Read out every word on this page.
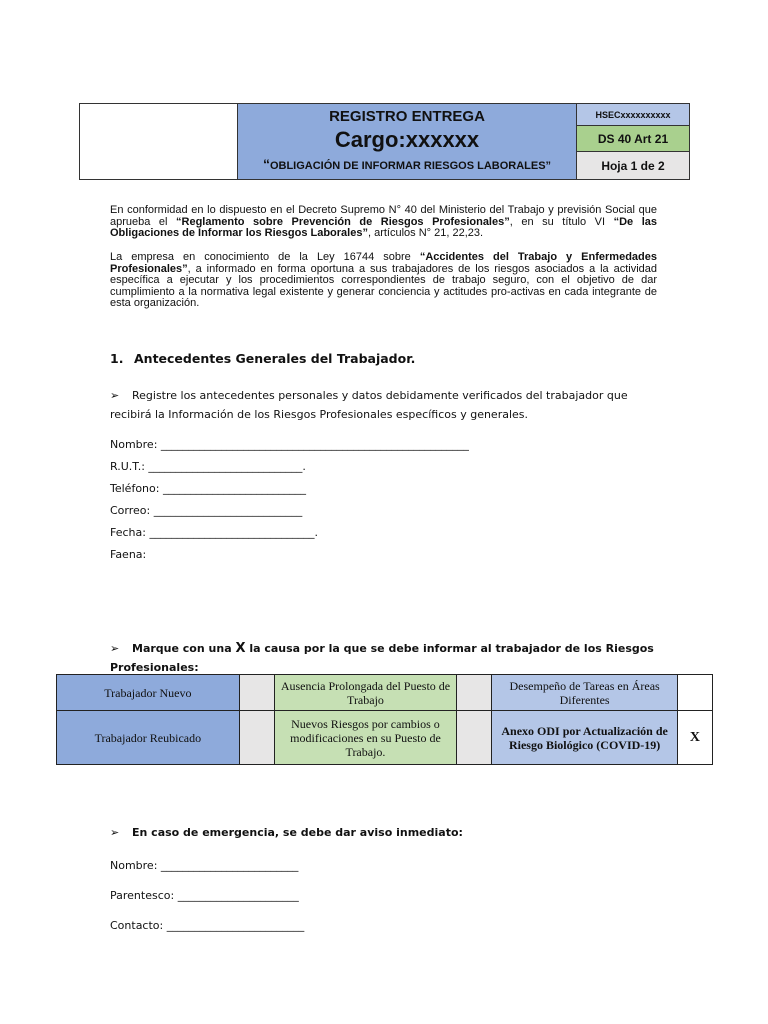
REGISTRO ENTREGA
Cargo:xxxxxx
“OBLIGACIÓN DE INFORMAR RIESGOS LABORALES”
HSECxxxxxxxxxx
DS 40 Art 21
Hoja 1 de 2
En conformidad en lo dispuesto en el Decreto Supremo N° 40 del Ministerio del Trabajo y previsión Social que aprueba el “Reglamento sobre Prevención de Riesgos Profesionales”, en su título VI “De las Obligaciones de Informar los Riesgos Laborales”, artículos N° 21, 22,23.
La empresa en conocimiento de la Ley 16744 sobre “Accidentes del Trabajo y Enfermedades Profesionales”, a informado en forma oportuna a sus trabajadores de los riesgos asociados a la actividad específica a ejecutar y los procedimientos correspondientes de trabajo seguro, con el objetivo de dar cumplimiento a la normativa legal existente y generar conciencia y actitudes pro-activas en cada integrante de esta organización.
1. Antecedentes Generales del Trabajador.
➢ Registre los antecedentes personales y datos debidamente verificados del trabajador que recibirá la Información de los Riesgos Profesionales específicos y generales.
Nombre: ________________________________________________________
R.U.T.: ____________________________.
Teléfono: __________________________
Correo: ___________________________
Fecha: ______________________________.
Faena:
➢ Marque con una X la causa por la que se debe informar al trabajador de los Riesgos Profesionales:
Trabajador Nuevo		Ausencia Prolongada del Puesto de Trabajo		Desempeño de Tareas en Áreas Diferentes	
Trabajador Reubicado		Nuevos Riesgos por cambios o modificaciones en su Puesto de Trabajo.		Anexo ODI por Actualización de Riesgo Biológico (COVID-19)	X
➢ En caso de emergencia, se debe dar aviso inmediato:
Nombre: _________________________
Parentesco: ______________________
Contacto: _________________________
